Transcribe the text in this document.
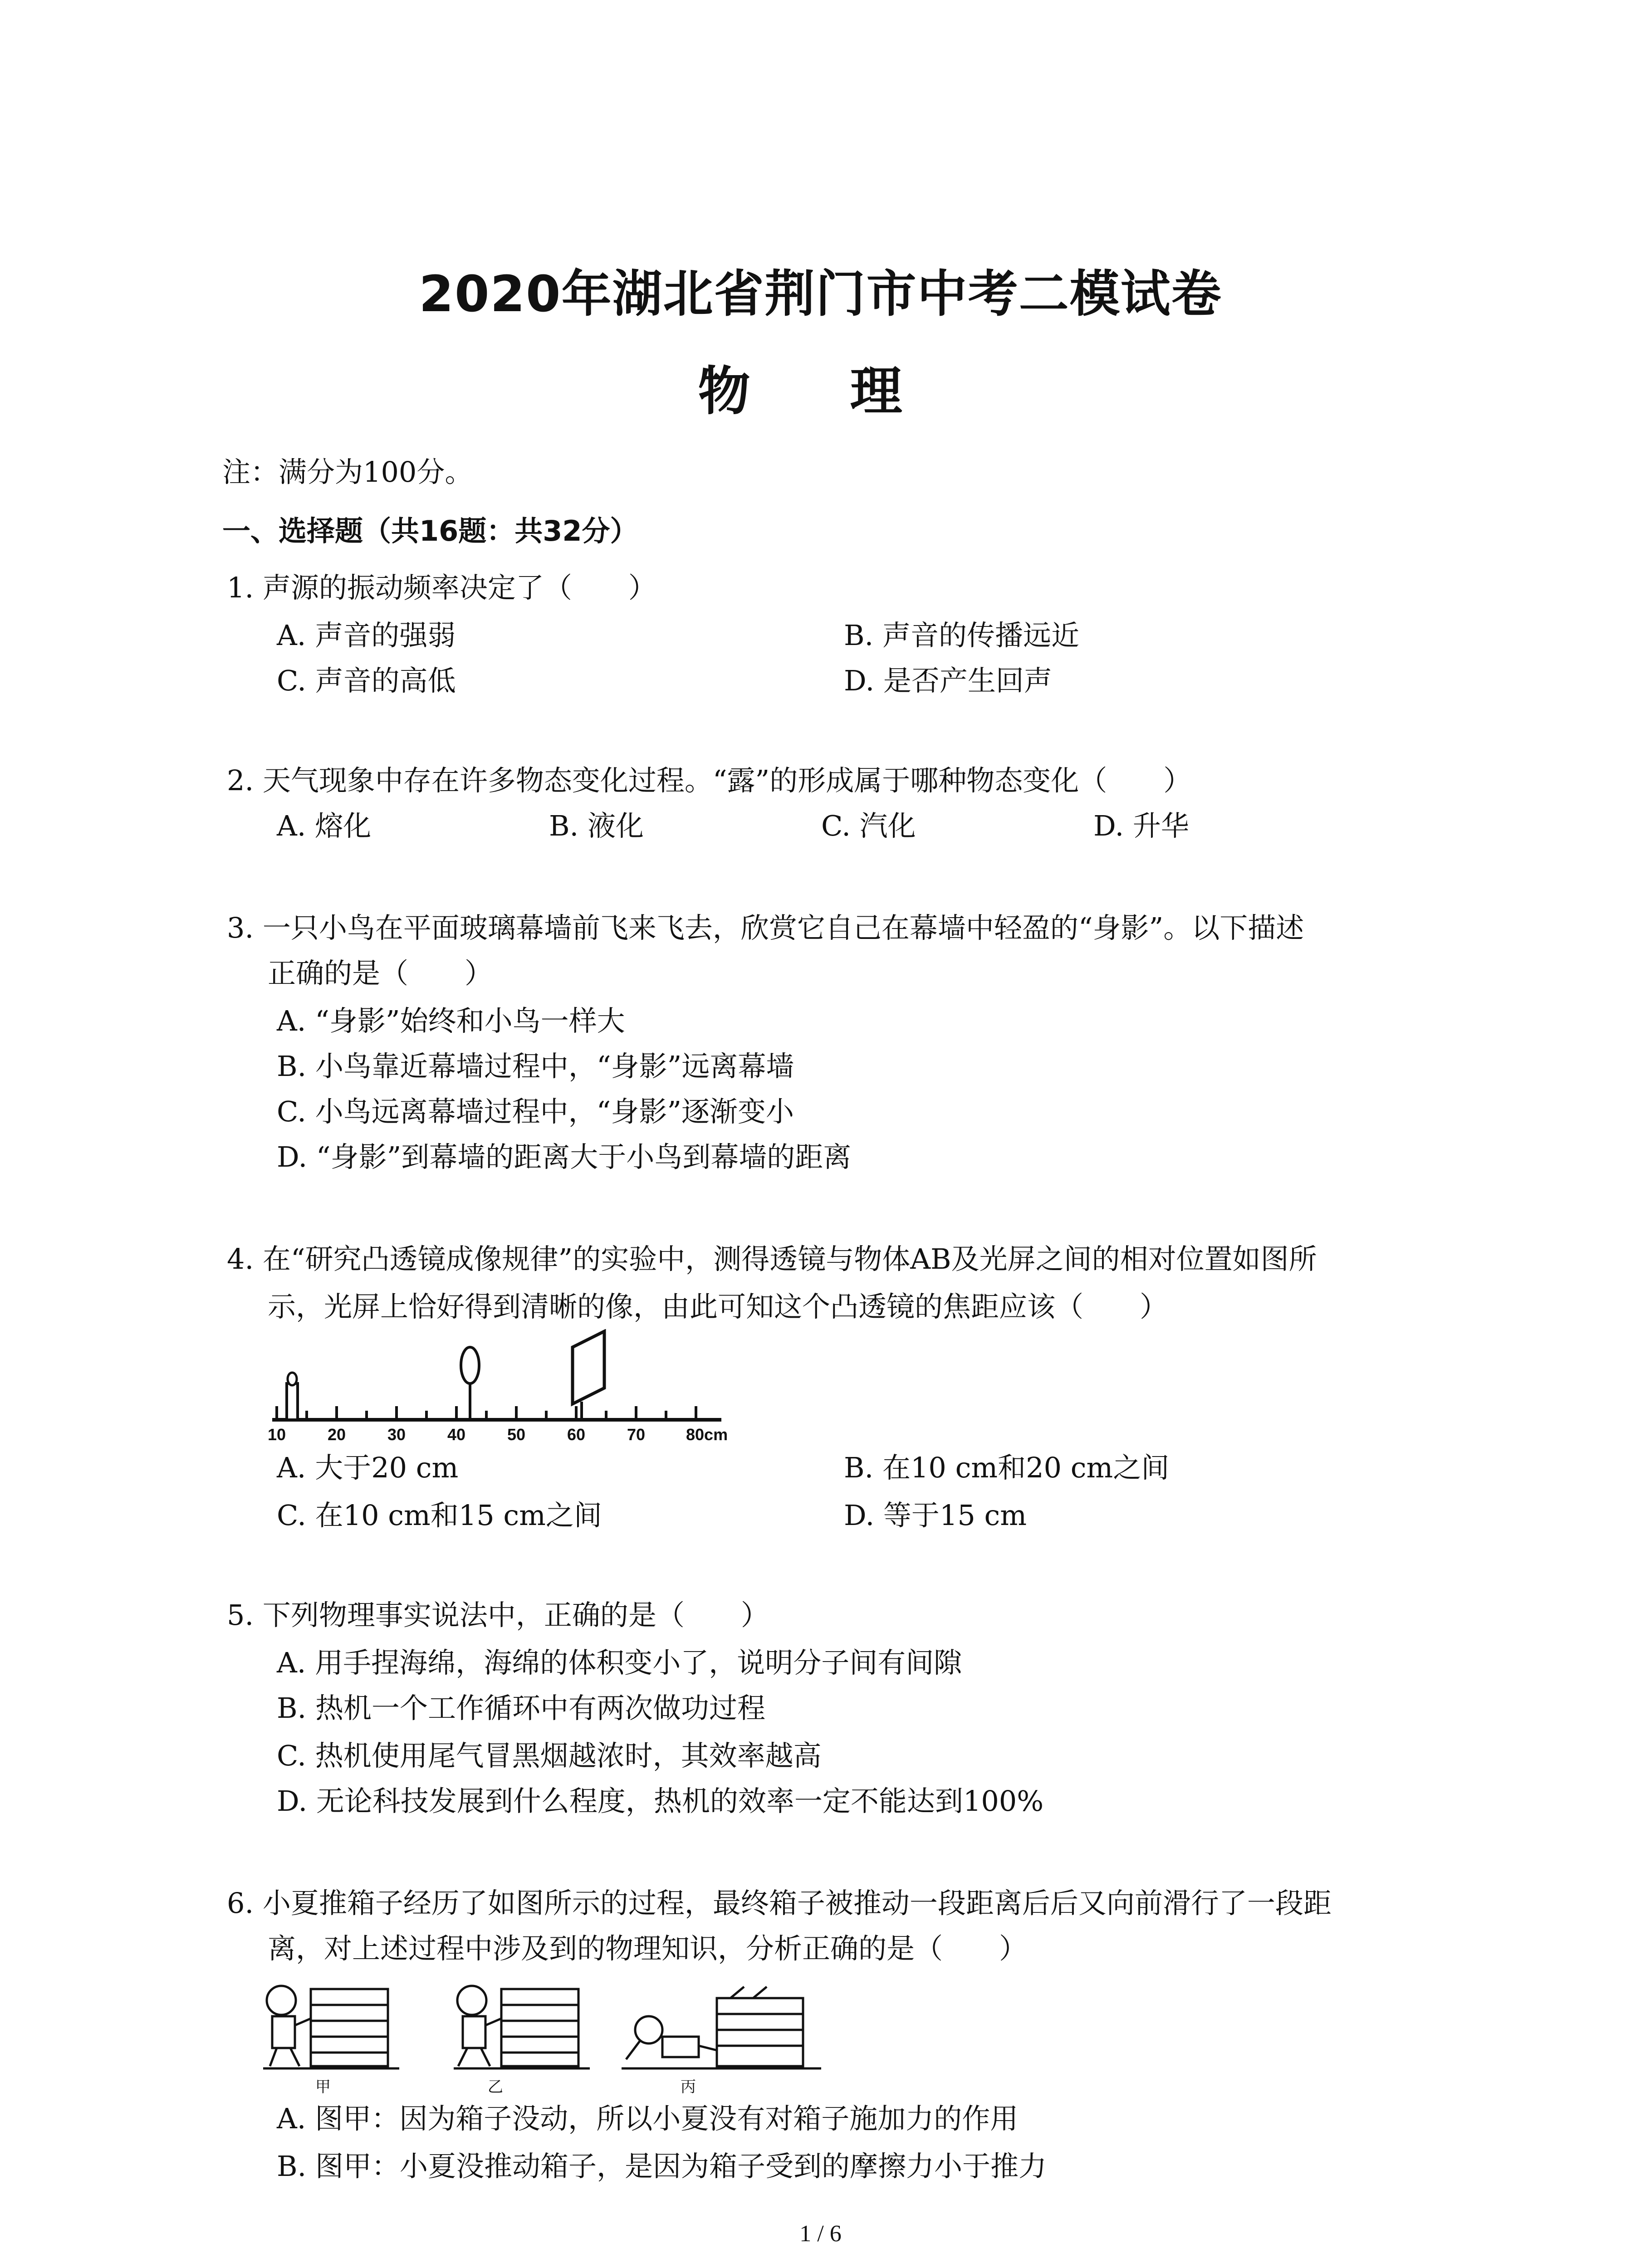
2020年湖北省荆门市中考二模试卷
物 理
注：满分为100分。
一、选择题（共16题：共32分）
1. 声源的振动频率决定了（　　）
A. 声音的强弱	B. 声音的传播远近
C. 声音的高低	D. 是否产生回声
2. 天气现象中存在许多物态变化过程。“露”的形成属于哪种物态变化（　　）
A. 熔化	B. 液化	C. 汽化	D. 升华
3. 一只小鸟在平面玻璃幕墙前飞来飞去，欣赏它自己在幕墙中轻盈的“身影”。以下描述
正确的是（　　）
A. “身影”始终和小鸟一样大
B. 小鸟靠近幕墙过程中，“身影”远离幕墙
C. 小鸟远离幕墙过程中，“身影”逐渐变小
D. “身影”到幕墙的距离大于小鸟到幕墙的距离
4. 在“研究凸透镜成像规律”的实验中，测得透镜与物体AB及光屏之间的相对位置如图所
示，光屏上恰好得到清晰的像，由此可知这个凸透镜的焦距应该（　　）
10	20	30	40	50	60	70 80cm
A. 大于20 cm	B. 在10 cm和20 cm之间
C. 在10 cm和15 cm之间	D. 等于15 cm
5. 下列物理事实说法中，正确的是（　　）
A. 用手捏海绵，海绵的体积变小了，说明分子间有间隙
B. 热机一个工作循环中有两次做功过程
C. 热机使用尾气冒黑烟越浓时，其效率越高
D. 无论科技发展到什么程度，热机的效率一定不能达到100%
6. 小夏推箱子经历了如图所示的过程，最终箱子被推动一段距离后后又向前滑行了一段距
离，对上述过程中涉及到的物理知识，分析正确的是（　　）
甲	乙	丙
A. 图甲：因为箱子没动，所以小夏没有对箱子施加力的作用
B. 图甲：小夏没推动箱子，是因为箱子受到的摩擦力小于推力
1 / 6
